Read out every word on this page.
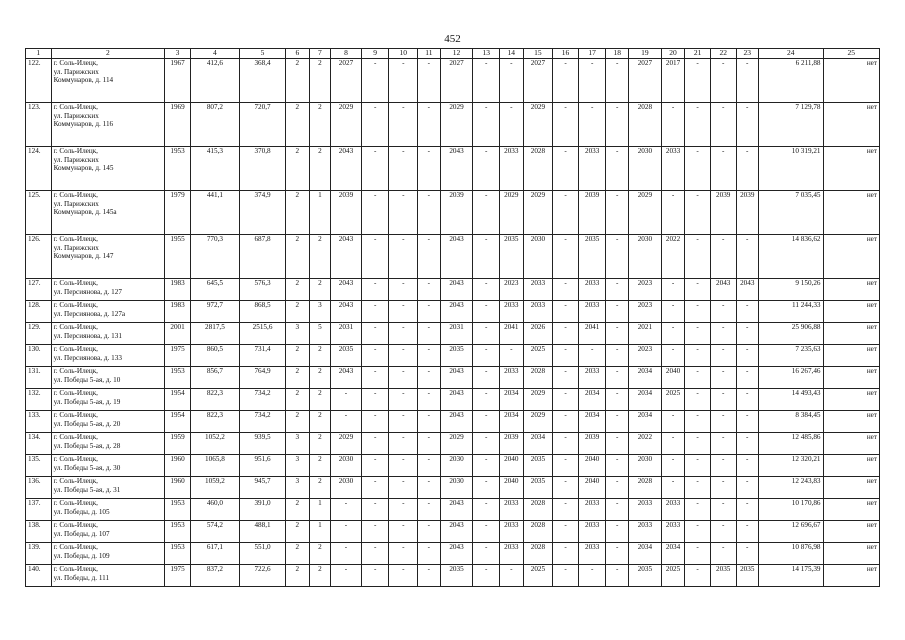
452
1	2	3	4	5	6	7	8	9	10	11	12	13	14	15	16	17	18	19	20	21	22	23	24	25
122.	г. Соль-Илецк,
ул. Парижских
Коммунаров, д. 114	1967	412,6	368,4	2	2	2027	-	-	-	2027	-	-	2027	-	-	-	2027	2017	-	-	-	6 211,88	нет
123.	г. Соль-Илецк,
ул. Парижских
Коммунаров, д. 116	1969	807,2	720,7	2	2	2029	-	-	-	2029	-	-	2029	-	-	-	2028	-	-	-	-	7 129,78	нет
124.	г. Соль-Илецк,
ул. Парижских
Коммунаров, д. 145	1953	415,3	370,8	2	2	2043	-	-	-	2043	-	2033	2028	-	2033	-	2030	2033	-	-	-	10 319,21	нет
125.	г. Соль-Илецк,
ул. Парижских
Коммунаров, д. 145а	1979	441,1	374,9	2	1	2039	-	-	-	2039	-	2029	2029	-	2039	-	2029	-	-	2039	2039	7 035,45	нет
126.	г. Соль-Илецк,
ул. Парижских
Коммунаров, д. 147	1955	770,3	687,8	2	2	2043	-	-	-	2043	-	2035	2030	-	2035	-	2030	2022	-	-	-	14 836,62	нет
127.	г. Соль-Илецк,
ул. Персиянова, д. 127	1983	645,5	576,3	2	2	2043	-	-	-	2043	-	2023	2033	-	2033	-	2023	-	-	2043	2043	9 150,26	нет
128.	г. Соль-Илецк,
ул. Персиянова, д. 127а	1983	972,7	868,5	2	3	2043	-	-	-	2043	-	2033	2033	-	2033	-	2023	-	-	-	-	11 244,33	нет
129.	г. Соль-Илецк,
ул. Персиянова, д. 131	2001	2817,5	2515,6	3	5	2031	-	-	-	2031	-	2041	2026	-	2041	-	2021	-	-	-	-	25 906,88	нет
130.	г. Соль-Илецк,
ул. Персиянова, д. 133	1975	860,5	731,4	2	2	2035	-	-	-	2035	-	-	2025	-	-	-	2023	-	-	-	-	7 235,63	нет
131.	г. Соль-Илецк,
ул. Победы 5-ая, д. 10	1953	856,7	764,9	2	2	2043	-	-	-	2043	-	2033	2028	-	2033	-	2034	2040	-	-	-	16 267,46	нет
132.	г. Соль-Илецк,
ул. Победы 5-ая, д. 19	1954	822,3	734,2	2	2	-	-	-	-	2043	-	2034	2029	-	2034	-	2034	2025	-	-	-	14 493,43	нет
133.	г. Соль-Илецк,
ул. Победы 5-ая, д. 20	1954	822,3	734,2	2	2	-	-	-	-	2043	-	2034	2029	-	2034	-	2034	-	-	-	-	8 384,45	нет
134.	г. Соль-Илецк,
ул. Победы 5-ая, д. 28	1959	1052,2	939,5	3	2	2029	-	-	-	2029	-	2039	2034	-	2039	-	2022	-	-	-	-	12 485,86	нет
135.	г. Соль-Илецк,
ул. Победы 5-ая, д. 30	1960	1065,8	951,6	3	2	2030	-	-	-	2030	-	2040	2035	-	2040	-	2030	-	-	-	-	12 320,21	нет
136.	г. Соль-Илецк,
ул. Победы 5-ая, д. 31	1960	1059,2	945,7	3	2	2030	-	-	-	2030	-	2040	2035	-	2040	-	2028	-	-	-	-	12 243,83	нет
137.	г. Соль-Илецк,
ул. Победы, д. 105	1953	460,0	391,0	2	1	-	-	-	-	2043	-	2033	2028	-	2033	-	2033	2033	-	-	-	10 170,86	нет
138.	г. Соль-Илецк,
ул. Победы, д. 107	1953	574,2	488,1	2	1	-	-	-	-	2043	-	2033	2028	-	2033	-	2033	2033	-	-	-	12 696,67	нет
139.	г. Соль-Илецк,
ул. Победы, д. 109	1953	617,1	551,0	2	2	-	-	-	-	2043	-	2033	2028	-	2033	-	2034	2034	-	-	-	10 876,98	нет
140.	г. Соль-Илецк,
ул. Победы, д. 111	1975	837,2	722,6	2	2	-	-	-	-	2035	-	-	2025	-	-	-	2035	2025	-	2035	2035	14 175,39	нет
